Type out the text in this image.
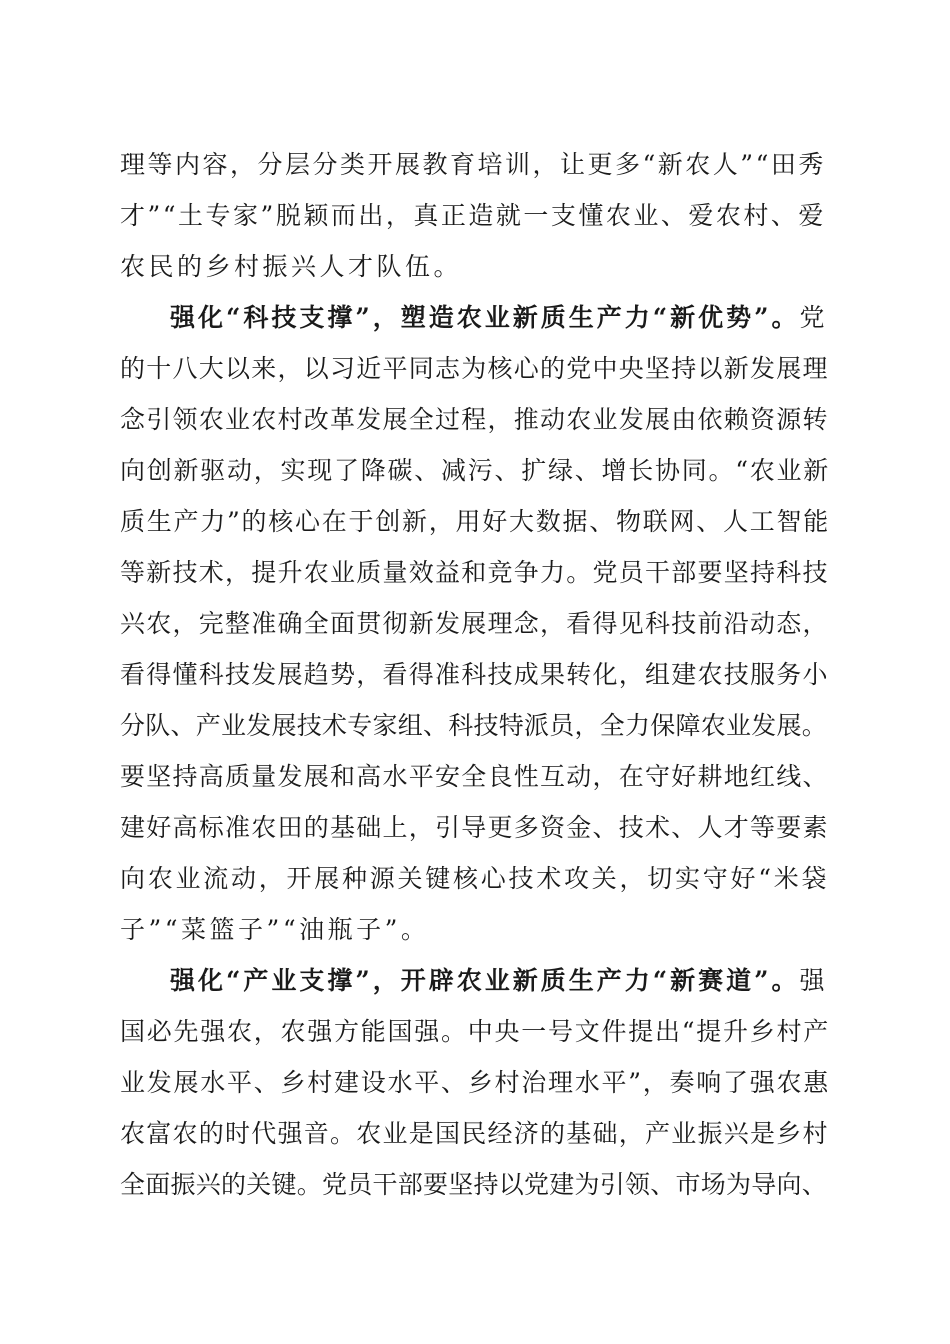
理等内容，分层分类开展教育培训，让更多“新农人”“田秀
才”“土专家”脱颖而出，真正造就一支懂农业、爱农村、爱
农民的乡村振兴人才队伍。
强化“科技支撑”，塑造农业新质生产力“新优势”。党
的十八大以来，以习近平同志为核心的党中央坚持以新发展理
念引领农业农村改革发展全过程，推动农业发展由依赖资源转
向创新驱动，实现了降碳、减污、扩绿、增长协同。“农业新
质生产力”的核心在于创新，用好大数据、物联网、人工智能
等新技术，提升农业质量效益和竞争力。党员干部要坚持科技
兴农，完整准确全面贯彻新发展理念，看得见科技前沿动态，
看得懂科技发展趋势，看得准科技成果转化，组建农技服务小
分队、产业发展技术专家组、科技特派员，全力保障农业发展。
要坚持高质量发展和高水平安全良性互动，在守好耕地红线、
建好高标准农田的基础上，引导更多资金、技术、人才等要素
向农业流动，开展种源关键核心技术攻关，切实守好“米袋
子”“菜篮子”“油瓶子”。
强化“产业支撑”，开辟农业新质生产力“新赛道”。强
国必先强农，农强方能国强。中央一号文件提出“提升乡村产
业发展水平、乡村建设水平、乡村治理水平”，奏响了强农惠
农富农的时代强音。农业是国民经济的基础，产业振兴是乡村
全面振兴的关键。党员干部要坚持以党建为引领、市场为导向、
